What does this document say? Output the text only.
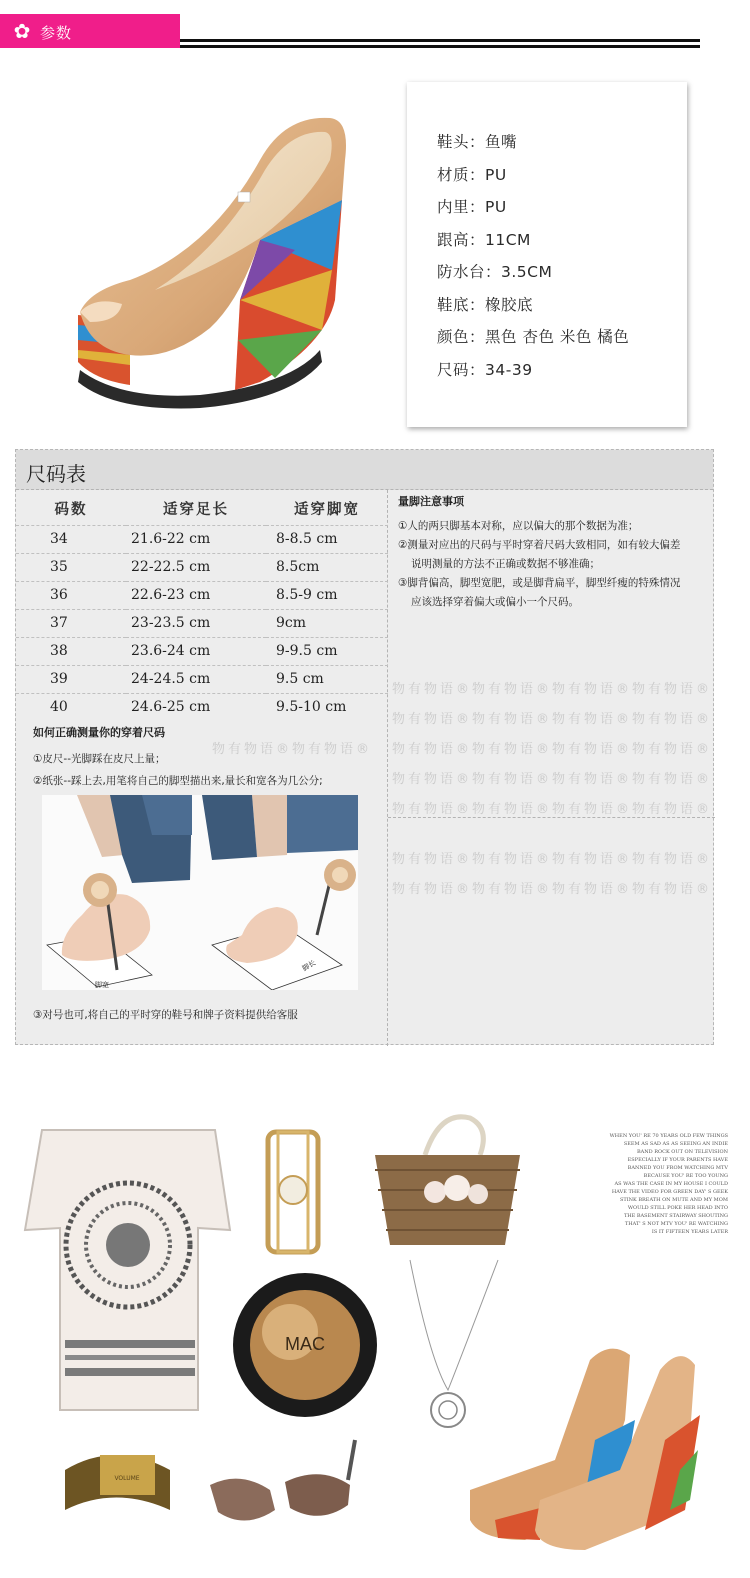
✿ 参数
鞋头：鱼嘴
材质：PU
内里：PU
跟高：11CM
防水台：3.5CM
鞋底：橡胶底
颜色：黑色 杏色 米色 橘色
尺码：34-39
尺码表
物有物语® 物有物语® 物有物语® 物有物语®
物有物语® 物有物语® 物有物语® 物有物语®
物有物语® 物有物语® 物有物语® 物有物语® 物有物语® 物有物语®
物有物语® 物有物语® 物有物语® 物有物语®
物有物语® 物有物语® 物有物语® 物有物语®
物有物语® 物有物语® 物有物语® 物有物语®
物有物语® 物有物语® 物有物语® 物有物语®
码数	适穿足长	适穿脚宽
34	21.6-22 cm	8-8.5 cm
35	22-22.5 cm	8.5cm
36	22.6-23 cm	8.5-9 cm
37	23-23.5 cm	9cm
38	23.6-24 cm	9-9.5 cm
39	24-24.5 cm	9.5 cm
40	24.6-25 cm	9.5-10 cm
量脚注意事项
①人的两只脚基本对称，应以偏大的那个数据为准；
②测量对应出的尺码与平时穿着尺码大致相同，如有较大偏差
说明测量的方法不正确或数据不够准确；
③脚背偏高，脚型宽肥，或是脚背扁平，脚型纤瘦的特殊情况
应该选择穿着偏大或偏小一个尺码。
如何正确测量你的穿着尺码
①皮尺--光脚踩在皮尺上量；
②纸张--踩上去,用笔将自己的脚型描出来,量长和宽各为几公分;
脚宽
脚长
③对号也可,将自己的平时穿的鞋号和牌子资料提供给客服
MAC
VOLUME
WHEN YOU' RE 70 YEARS OLD FEW THINGS
SEEM AS SAD AS AS SEEING AN INDIE
BAND ROCK OUT ON TELEVISION
ESPECIALLY IF YOUR PARENTS HAVE
BANNED YOU FROM WATCHING MTV
BECAUSE YOU' RE TOO YOUNG
AS WAS THE CASE IN MY HOUSE I COULD
HAVE THE VIDEO FOR GREEN DAY' S GEEK
STINK BREATH ON MUTE AND MY MOM
WOULD STILL POKE HER HEAD INTO
THE BASEMENT STAIRWAY SHOUTING
THAT' S NOT MTV YOU' RE WATCHING
IS IT FIFTEEN YEARS LATER
